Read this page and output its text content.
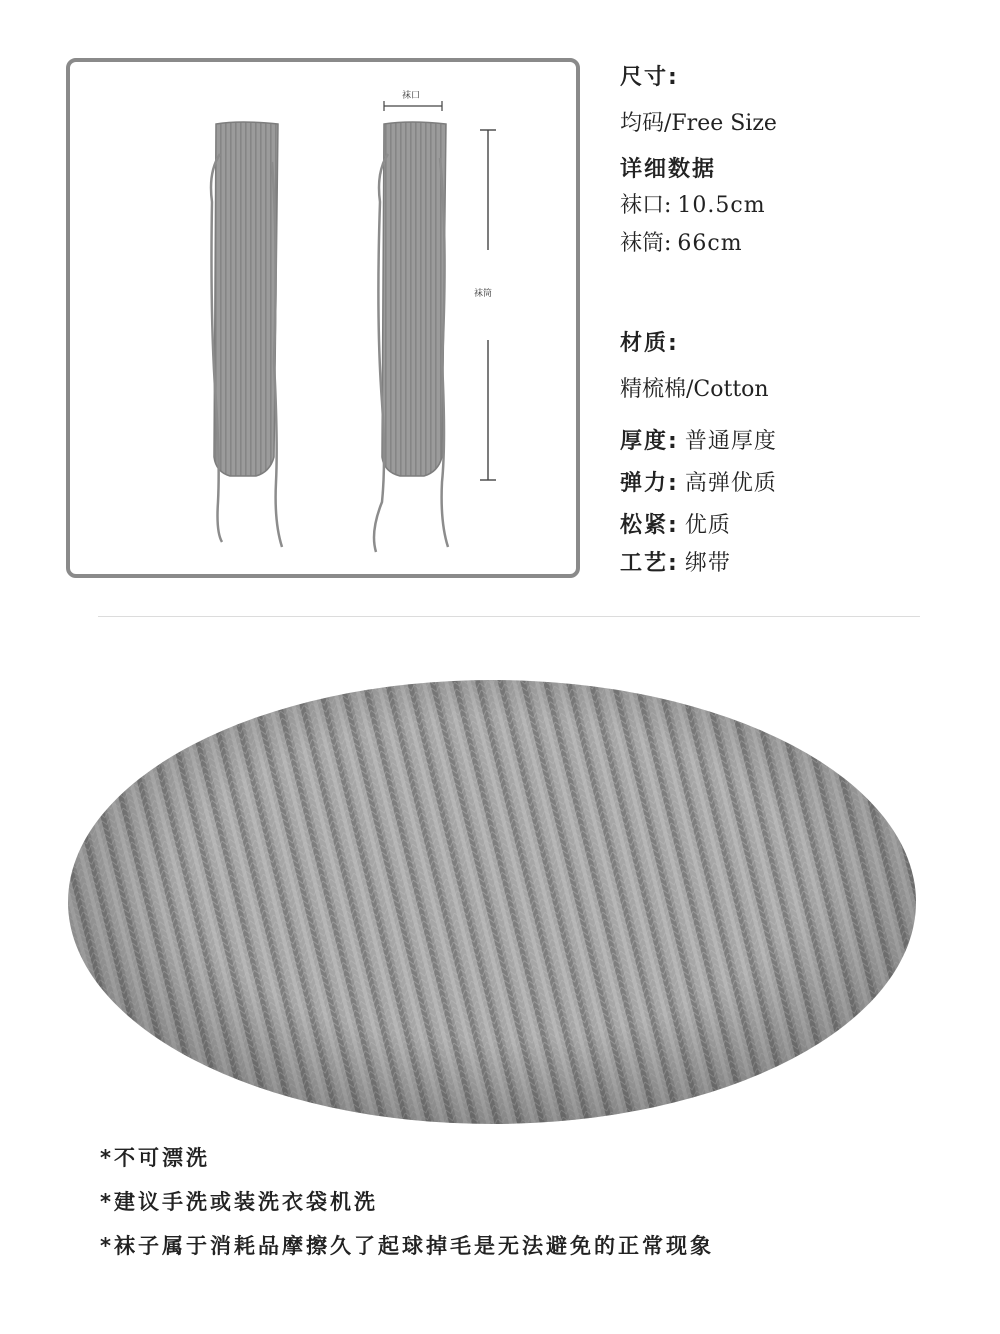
袜口
袜筒
尺寸:
均码/Free Size
详细数据
袜口: 10.5cm
袜筒: 66cm
材质:
精梳棉/Cotton
厚度: 普通厚度
弹力: 高弹优质
松紧: 优质
工艺: 绑带
*不可漂洗
*建议手洗或装洗衣袋机洗
*袜子属于消耗品摩擦久了起球掉毛是无法避免的正常现象
